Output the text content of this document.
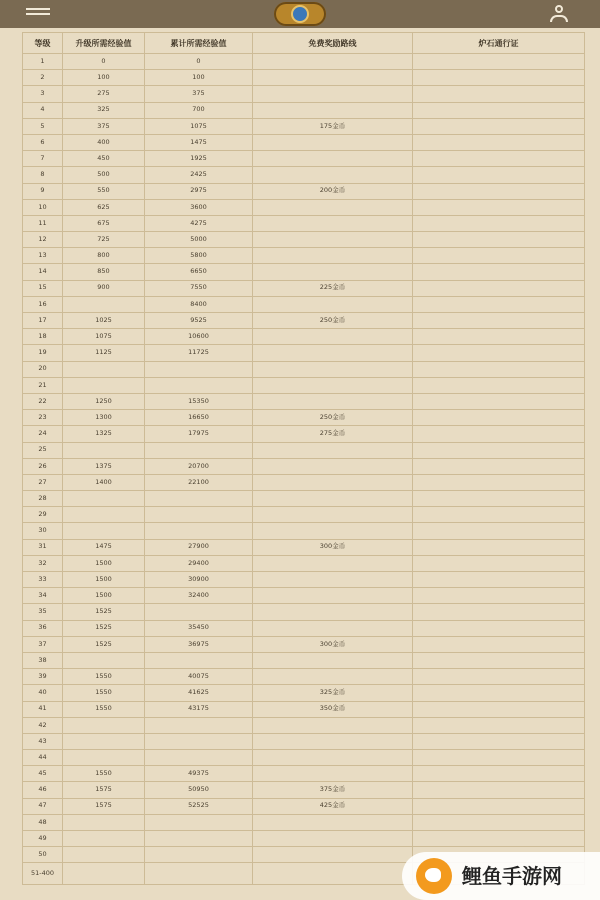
等级	升级所需经验值	累计所需经验值	免费奖励路线	炉石通行证
1	0	0		
2	100	100		
3	275	375		
4	325	700		
5	375	1075	175金币	
6	400	1475		
7	450	1925		
8	500	2425		
9	550	2975	200金币	
10	625	3600		
11	675	4275		
12	725	5000		
13	800	5800		
14	850	6650		
15	900	7550	225金币	
16		8400		
17	1025	9525	250金币	
18	1075	10600		
19	1125	11725		
20				
21				
22	1250	15350		
23	1300	16650	250金币	
24	1325	17975	275金币	
25				
26	1375	20700		
27	1400	22100		
28				
29				
30				
31	1475	27900	300金币	
32	1500	29400		
33	1500	30900		
34	1500	32400		
35	1525			
36	1525	35450		
37	1525	36975	300金币	
38				
39	1550	40075		
40	1550	41625	325金币	
41	1550	43175	350金币	
42				
43				
44				
45	1550	49375		
46	1575	50950	375金币	
47	1575	52525	425金币	
48				
49				
50				
51-400					鲤鱼手游网
